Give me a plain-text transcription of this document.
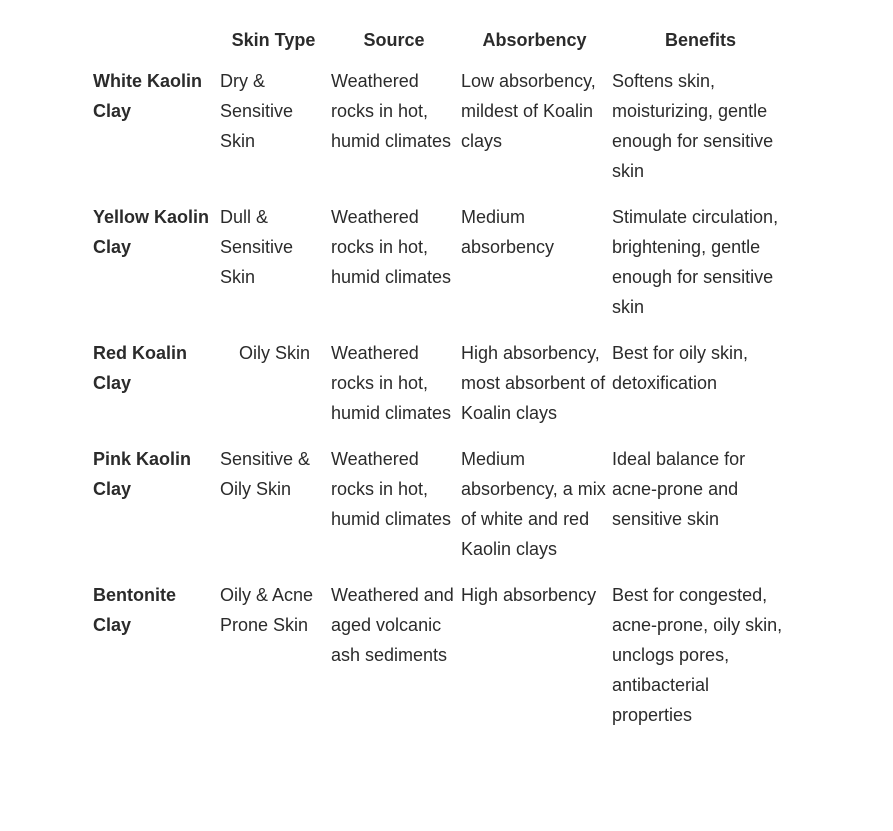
	Skin Type	Source	Absorbency	Benefits
White Kaolin Clay	Dry & Sensitive Skin	Weathered rocks in hot, humid climates	Low absorbency, mildest of Koalin clays	Softens skin, moisturizing, gentle enough for sensitive skin
Yellow Kaolin Clay	Dull & Sensitive Skin	Weathered rocks in hot, humid climates	Medium absorbency	Stimulate circulation, brightening, gentle enough for sensitive skin
Red Koalin Clay	Oily Skin	Weathered rocks in hot, humid climates	High absorbency, most absorbent of Koalin clays	Best for oily skin, detoxification
Pink Kaolin Clay	Sensitive & Oily Skin	Weathered rocks in hot, humid climates	Medium absorbency, a mix of white and red Kaolin clays	Ideal balance for acne-prone and sensitive skin
Bentonite Clay	Oily & Acne Prone Skin	Weathered and aged volcanic ash sediments	High absorbency	Best for congested, acne-prone, oily skin, unclogs pores, antibacterial properties
